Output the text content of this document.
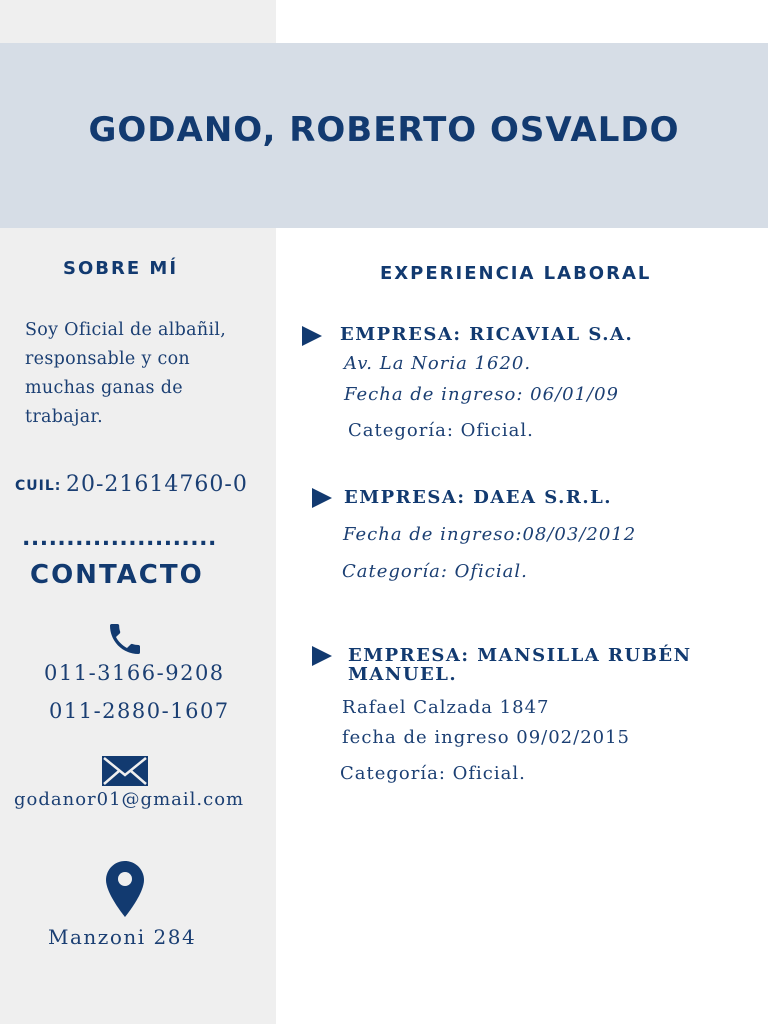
GODANO, ROBERTO OSVALDO
SOBRE MÍ
Soy Oficial de albañil,
responsable y con
muchas ganas de
trabajar.
CUIL: 20-21614760-0
......................
CONTACTO
011-3166-9208
011-2880-1607
godanor01@gmail.com
Manzoni 284
EXPERIENCIA LABORAL
EMPRESA: RICAVIAL S.A.
Av. La Noria 1620.
Fecha de ingreso: 06/01/09
Categoría: Oficial.
EMPRESA: DAEA S.R.L.
Fecha de ingreso:08/03/2012
Categoría: Oficial.
EMPRESA: MANSILLA RUBÉN
MANUEL.
Rafael Calzada 1847
fecha de ingreso 09/02/2015
Categoría: Oficial.
